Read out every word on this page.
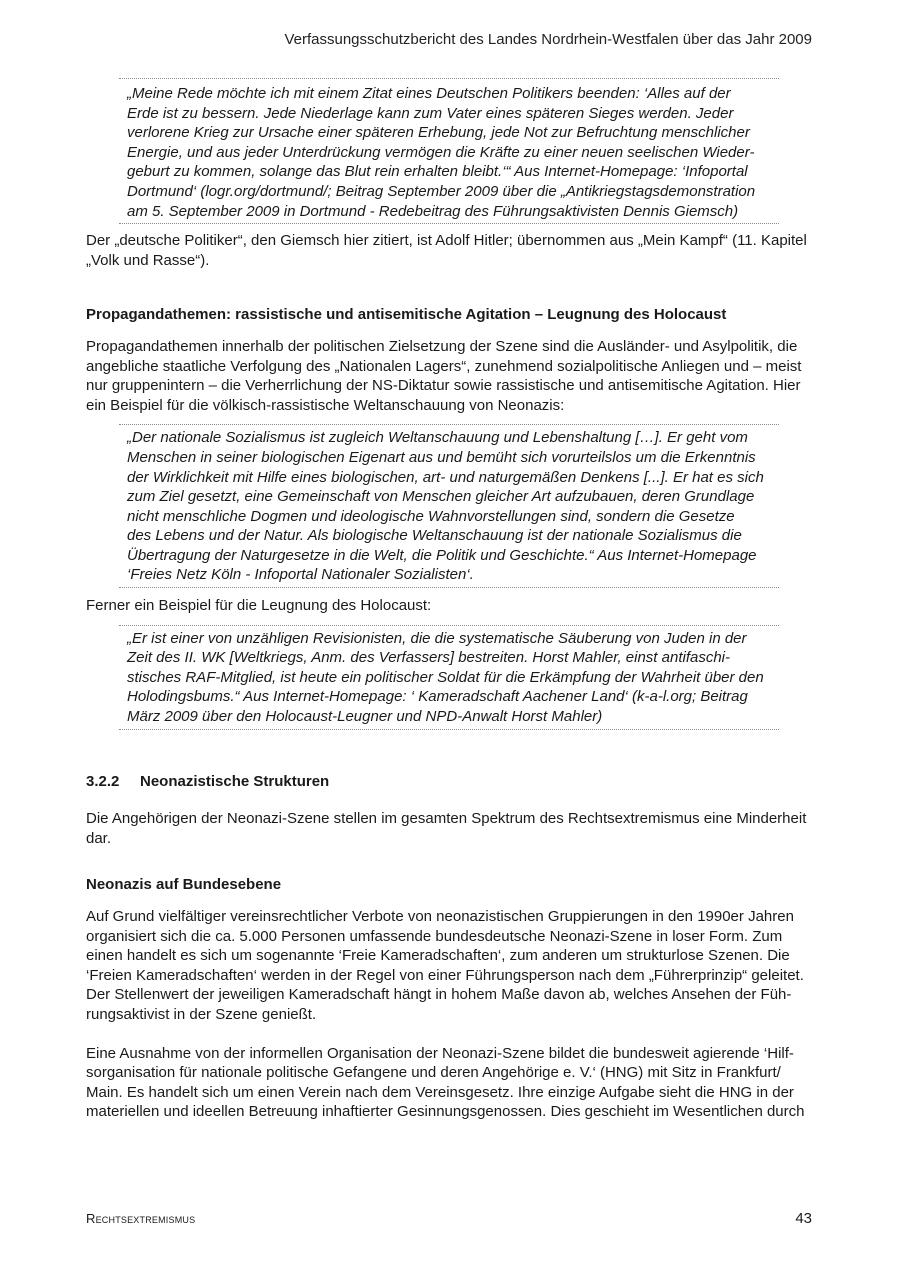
Verfassungsschutzbericht des Landes Nordrhein-Westfalen über das Jahr 2009

„Meine Rede möchte ich mit einem Zitat eines Deutschen Politikers beenden: ‘Alles auf der
Erde ist zu bessern. Jede Niederlage kann zum Vater eines späteren Sieges werden. Jeder
verlorene Krieg zur Ursache einer späteren Erhebung, jede Not zur Befruchtung menschlicher
Energie, und aus jeder Unterdrückung vermögen die Kräfte zu einer neuen seelischen Wieder-
geburt zu kommen, solange das Blut rein erhalten bleibt.‘“ Aus Internet-Homepage: ‘Infoportal
Dortmund‘ (logr.org/dortmund/; Beitrag September 2009 über die „Antikriegstagsdemonstration
am 5. September 2009 in Dortmund - Redebeitrag des Führungsaktivisten Dennis Giemsch)

Der „deutsche Politiker“, den Giemsch hier zitiert, ist Adolf Hitler; übernommen aus „Mein Kampf“ (11. Kapitel
„Volk und Rasse“).

Propagandathemen: rassistische und antisemitische Agitation – Leugnung des Holocaust

Propagandathemen innerhalb der politischen Zielsetzung der Szene sind die Ausländer- und Asylpolitik, die
angebliche staatliche Verfolgung des „Nationalen Lagers“, zunehmend sozialpolitische Anliegen und – meist
nur gruppenintern – die Verherrlichung der NS-Diktatur sowie rassistische und antisemitische Agitation. Hier
ein Beispiel für die völkisch-rassistische Weltanschauung von Neonazis:

„Der nationale Sozialismus ist zugleich Weltanschauung und Lebenshaltung […]. Er geht vom
Menschen in seiner biologischen Eigenart aus und bemüht sich vorurteilslos um die Erkenntnis
der Wirklichkeit mit Hilfe eines biologischen, art- und naturgemäßen Denkens [...]. Er hat es sich
zum Ziel gesetzt, eine Gemeinschaft von Menschen gleicher Art aufzubauen, deren Grundlage
nicht menschliche Dogmen und ideologische Wahnvorstellungen sind, sondern die Gesetze
des Lebens und der Natur. Als biologische Weltanschauung ist der nationale Sozialismus die
Übertragung der Naturgesetze in die Welt, die Politik und Geschichte.“ Aus Internet-Homepage
‘Freies Netz Köln - Infoportal Nationaler Sozialisten‘.

Ferner ein Beispiel für die Leugnung des Holocaust:

„Er ist einer von unzähligen Revisionisten, die die systematische Säuberung von Juden in der
Zeit des II. WK [Weltkriegs, Anm. des Verfassers] bestreiten. Horst Mahler, einst antifaschi-
stisches RAF-Mitglied, ist heute ein politischer Soldat für die Erkämpfung der Wahrheit über den
Holodingsbums.“ Aus Internet-Homepage: ‘ Kameradschaft Aachener Land‘ (k-a-l.org; Beitrag
März 2009 über den Holocaust-Leugner und NPD-Anwalt Horst Mahler)

3.2.2 Neonazistische Strukturen

Die Angehörigen der Neonazi-Szene stellen im gesamten Spektrum des Rechtsextremismus eine Minderheit
dar.

Neonazis auf Bundesebene

Auf Grund vielfältiger vereinsrechtlicher Verbote von neonazistischen Gruppierungen in den 1990er Jahren
organisiert sich die ca. 5.000 Personen umfassende bundesdeutsche Neonazi-Szene in loser Form. Zum
einen handelt es sich um sogenannte ‘Freie Kameradschaften‘, zum anderen um strukturlose Szenen. Die
‘Freien Kameradschaften‘ werden in der Regel von einer Führungsperson nach dem „Führerprinzip“ geleitet.
Der Stellenwert der jeweiligen Kameradschaft hängt in hohem Maße davon ab, welches Ansehen der Füh-
rungsaktivist in der Szene genießt.

Eine Ausnahme von der informellen Organisation der Neonazi-Szene bildet die bundesweit agierende ‘Hilf-
sorganisation für nationale politische Gefangene und deren Angehörige e. V.‘ (HNG) mit Sitz in Frankfurt/
Main. Es handelt sich um einen Verein nach dem Vereinsgesetz. Ihre einzige Aufgabe sieht die HNG in der
materiellen und ideellen Betreuung inhaftierter Gesinnungsgenossen. Dies geschieht im Wesentlichen durch

Rechtsextremismus	43
